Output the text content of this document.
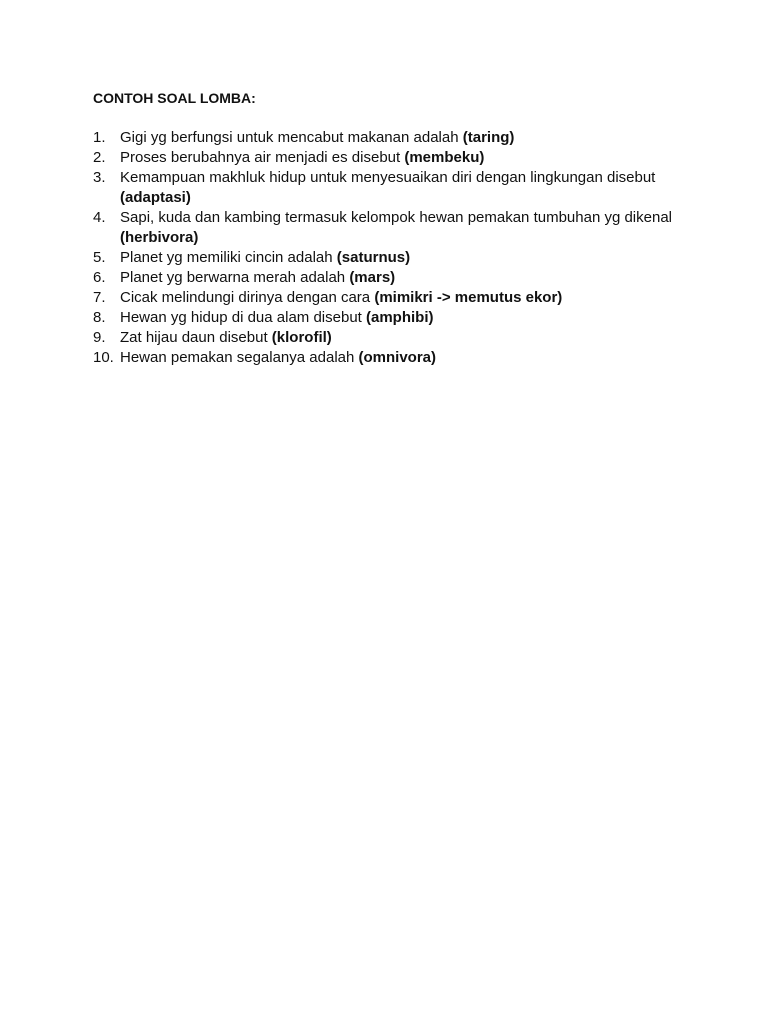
CONTOH SOAL LOMBA:
1. Gigi yg berfungsi untuk mencabut makanan adalah (taring)
2. Proses berubahnya air menjadi es disebut (membeku)
3. Kemampuan makhluk hidup untuk menyesuaikan diri dengan lingkungan disebut (adaptasi)
4. Sapi, kuda dan kambing termasuk kelompok hewan pemakan tumbuhan yg dikenal (herbivora)
5. Planet yg memiliki cincin adalah (saturnus)
6. Planet yg berwarna merah adalah (mars)
7. Cicak melindungi dirinya dengan cara (mimikri -> memutus ekor)
8. Hewan yg hidup di dua alam disebut (amphibi)
9. Zat hijau daun disebut (klorofil)
10. Hewan pemakan segalanya adalah (omnivora)
